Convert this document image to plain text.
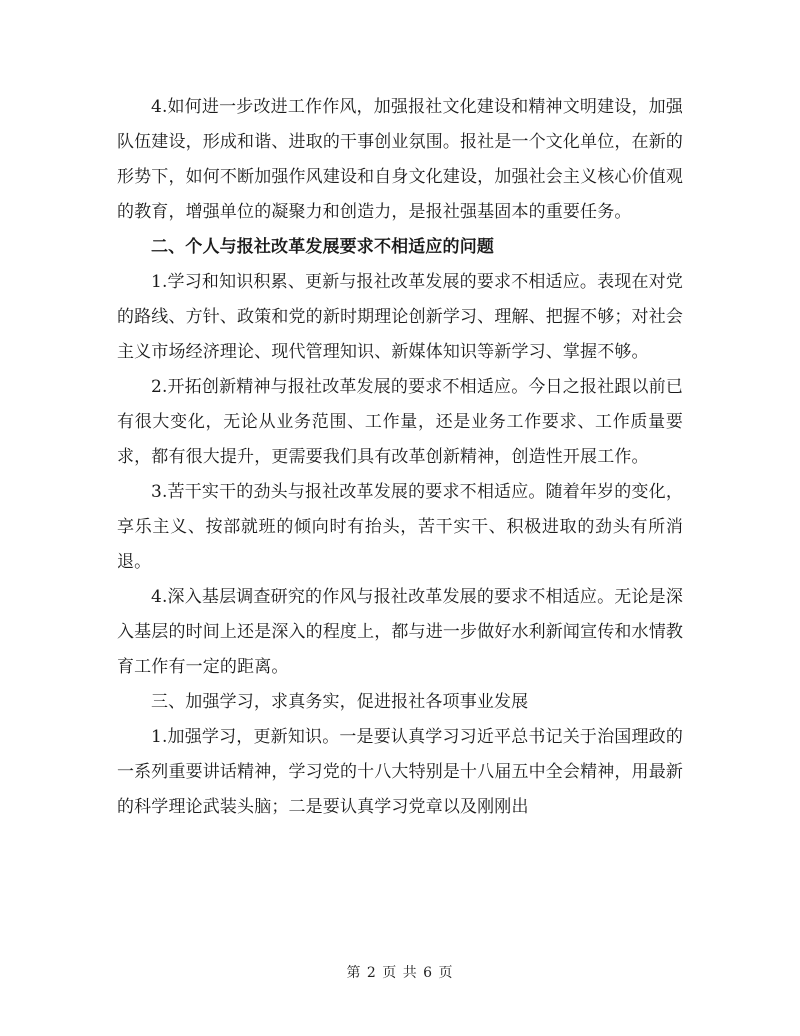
4.如何进一步改进工作作风，加强报社文化建设和精神文明建设，加强队伍建设，形成和谐、进取的干事创业氛围。报社是一个文化单位，在新的形势下，如何不断加强作风建设和自身文化建设，加强社会主义核心价值观的教育，增强单位的凝聚力和创造力，是报社强基固本的重要任务。

二、个人与报社改革发展要求不相适应的问题

1.学习和知识积累、更新与报社改革发展的要求不相适应。表现在对党的路线、方针、政策和党的新时期理论创新学习、理解、把握不够；对社会主义市场经济理论、现代管理知识、新媒体知识等新学习、掌握不够。

2.开拓创新精神与报社改革发展的要求不相适应。今日之报社跟以前已有很大变化，无论从业务范围、工作量，还是业务工作要求、工作质量要求，都有很大提升，更需要我们具有改革创新精神，创造性开展工作。

3.苦干实干的劲头与报社改革发展的要求不相适应。随着年岁的变化，享乐主义、按部就班的倾向时有抬头，苦干实干、积极进取的劲头有所消退。

4.深入基层调查研究的作风与报社改革发展的要求不相适应。无论是深入基层的时间上还是深入的程度上，都与进一步做好水利新闻宣传和水情教育工作有一定的距离。

三、加强学习，求真务实，促进报社各项事业发展

1.加强学习，更新知识。一是要认真学习习近平总书记关于治国理政的一系列重要讲话精神，学习党的十八大特别是十八届五中全会精神，用最新的科学理论武装头脑；二是要认真学习党章以及刚刚出

第 2 页 共 6 页
